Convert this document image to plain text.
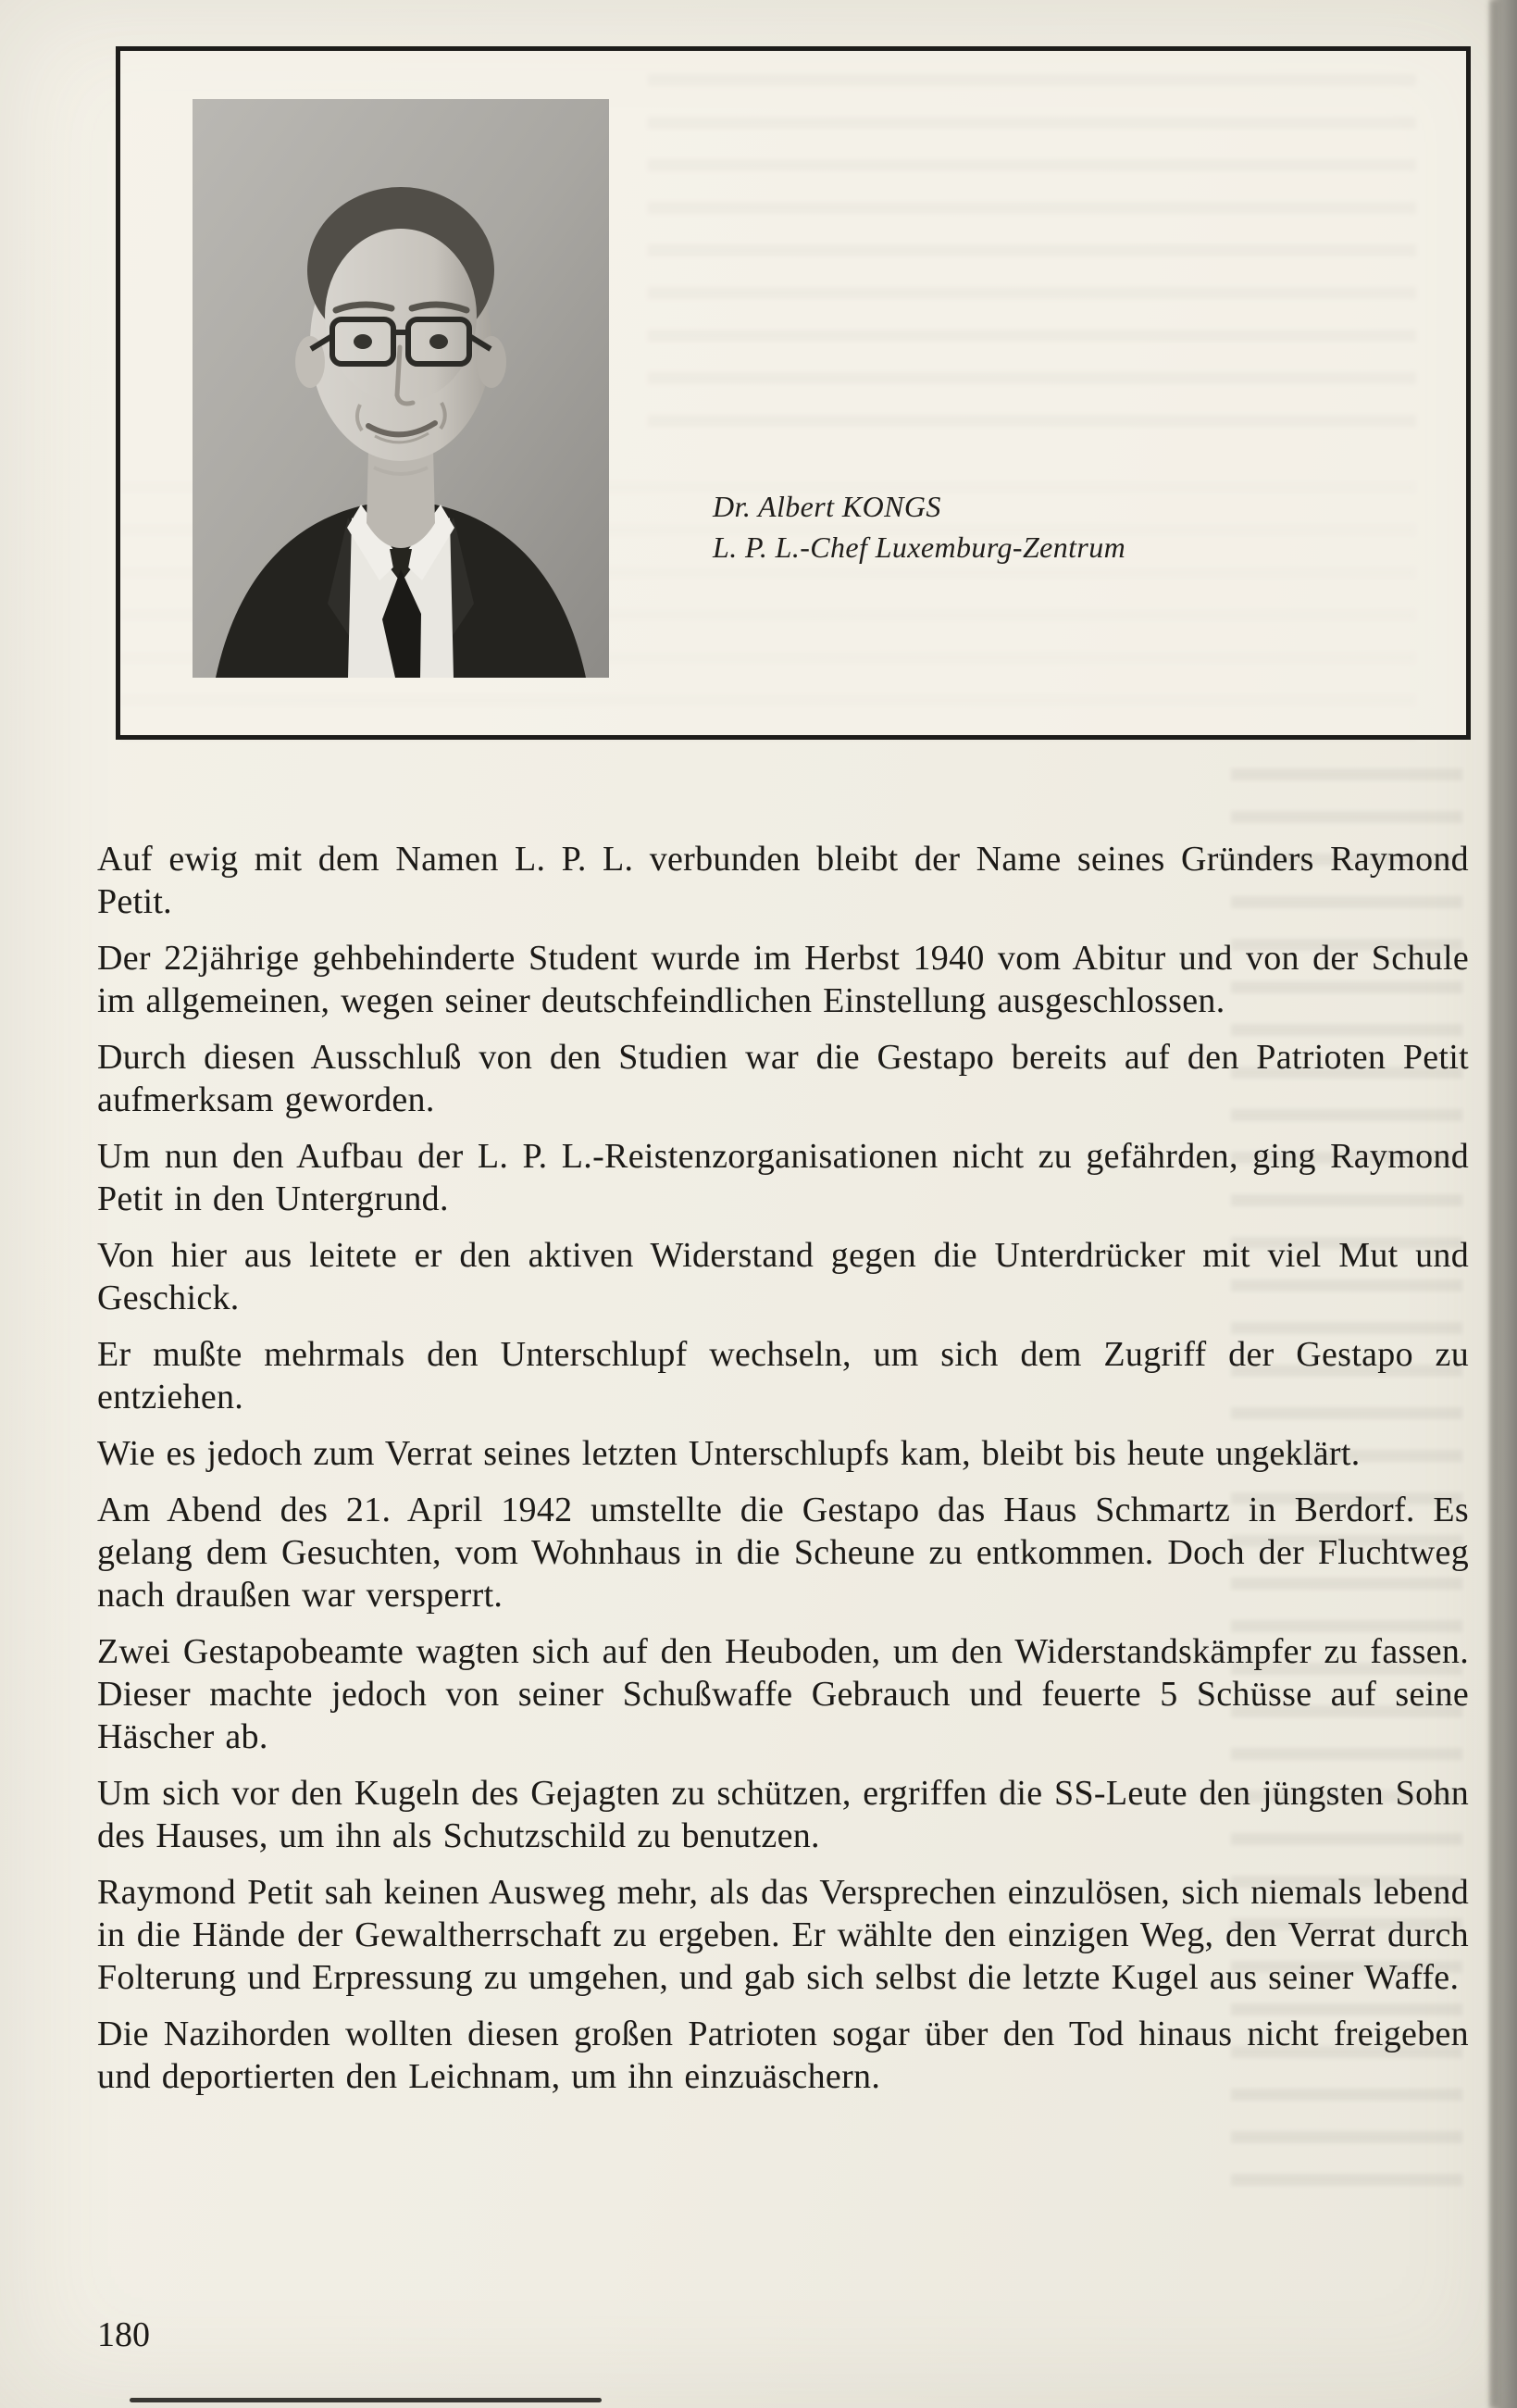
Dr. Albert KONGS
L. P. L.-Chef Luxemburg-Zentrum

Auf ewig mit dem Namen L. P. L. verbunden bleibt der Name seines Gründers Raymond Petit.

Der 22jährige gehbehinderte Student wurde im Herbst 1940 vom Abitur und von der Schule im allgemeinen, wegen seiner deutschfeindlichen Einstellung ausgeschlossen.

Durch diesen Ausschluß von den Studien war die Gestapo bereits auf den Patrioten Petit aufmerksam geworden.

Um nun den Aufbau der L. P. L.-Reistenzorganisationen nicht zu gefährden, ging Raymond Petit in den Untergrund.

Von hier aus leitete er den aktiven Widerstand gegen die Unterdrücker mit viel Mut und Geschick.

Er mußte mehrmals den Unterschlupf wechseln, um sich dem Zugriff der Gestapo zu entziehen.

Wie es jedoch zum Verrat seines letzten Unterschlupfs kam, bleibt bis heute ungeklärt.

Am Abend des 21. April 1942 umstellte die Gestapo das Haus Schmartz in Berdorf. Es gelang dem Gesuchten, vom Wohnhaus in die Scheune zu entkommen. Doch der Fluchtweg nach draußen war versperrt.

Zwei Gestapobeamte wagten sich auf den Heuboden, um den Widerstandskämpfer zu fassen. Dieser machte jedoch von seiner Schußwaffe Gebrauch und feuerte 5 Schüsse auf seine Häscher ab.

Um sich vor den Kugeln des Gejagten zu schützen, ergriffen die SS-Leute den jüngsten Sohn des Hauses, um ihn als Schutzschild zu benutzen.

Raymond Petit sah keinen Ausweg mehr, als das Versprechen einzulösen, sich niemals lebend in die Hände der Gewaltherrschaft zu ergeben. Er wählte den einzigen Weg, den Verrat durch Folterung und Erpressung zu umgehen, und gab sich selbst die letzte Kugel aus seiner Waffe.

Die Nazihorden wollten diesen großen Patrioten sogar über den Tod hinaus nicht freigeben und deportierten den Leichnam, um ihn einzuäschern.

180
